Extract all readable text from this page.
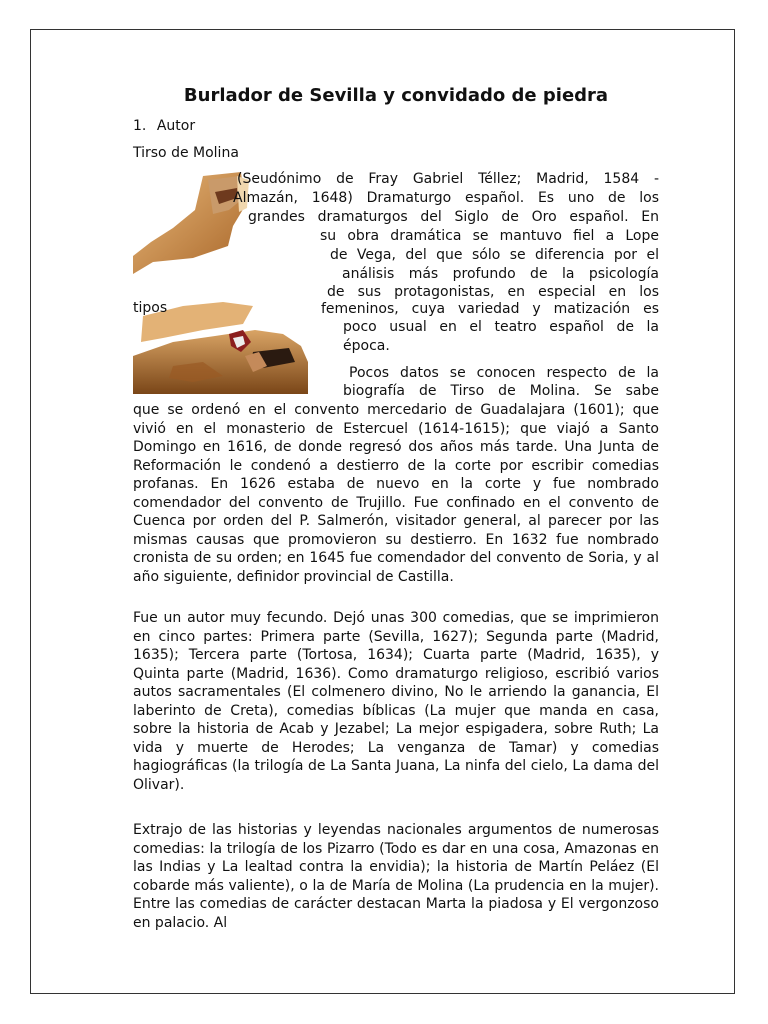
Burlador de Sevilla y convidado de piedra
1. Autor
Tirso de Molina
tipos
(Seudónimo de Fray Gabriel Téllez; Madrid, 1584 -
Almazán, 1648) Dramaturgo español. Es uno de los
grandes dramaturgos del Siglo de Oro español. En
su obra dramática se mantuvo fiel a Lope
de Vega, del que sólo se diferencia por el
análisis más profundo de la psicología
de sus protagonistas, en especial en los
femeninos, cuya variedad y matización es
poco usual en el teatro español de la
época.
Pocos datos se conocen respecto de la
biografía de Tirso de Molina. Se sabe

que se ordenó en el convento mercedario de Guadalajara (1601); que vivió en el monasterio de Estercuel (1614-1615); que viajó a Santo Domingo en 1616, de donde regresó dos años más tarde. Una Junta de Reformación le condenó a destierro de la corte por escribir comedias profanas. En 1626 estaba de nuevo en la corte y fue nombrado comendador del convento de Trujillo. Fue confinado en el convento de Cuenca por orden del P. Salmerón, visitador general, al parecer por las mismas causas que promovieron su destierro. En 1632 fue nombrado cronista de su orden; en 1645 fue comendador del convento de Soria, y al año siguiente, definidor provincial de Castilla.

Fue un autor muy fecundo. Dejó unas 300 comedias, que se imprimieron en cinco partes: Primera parte (Sevilla, 1627); Segunda parte (Madrid, 1635); Tercera parte (Tortosa, 1634); Cuarta parte (Madrid, 1635), y Quinta parte (Madrid, 1636). Como dramaturgo religioso, escribió varios autos sacramentales (El colmenero divino, No le arriendo la ganancia, El laberinto de Creta), comedias bíblicas (La mujer que manda en casa, sobre la historia de Acab y Jezabel; La mejor espigadera, sobre Ruth; La vida y muerte de Herodes; La venganza de Tamar) y comedias hagiográficas (la trilogía de La Santa Juana, La ninfa del cielo, La dama del Olivar).

Extrajo de las historias y leyendas nacionales argumentos de numerosas comedias: la trilogía de los Pizarro (Todo es dar en una cosa, Amazonas en las Indias y La lealtad contra la envidia); la historia de Martín Peláez (El cobarde más valiente), o la de María de Molina (La prudencia en la mujer). Entre las comedias de carácter destacan Marta la piadosa y El vergonzoso en palacio. Al
